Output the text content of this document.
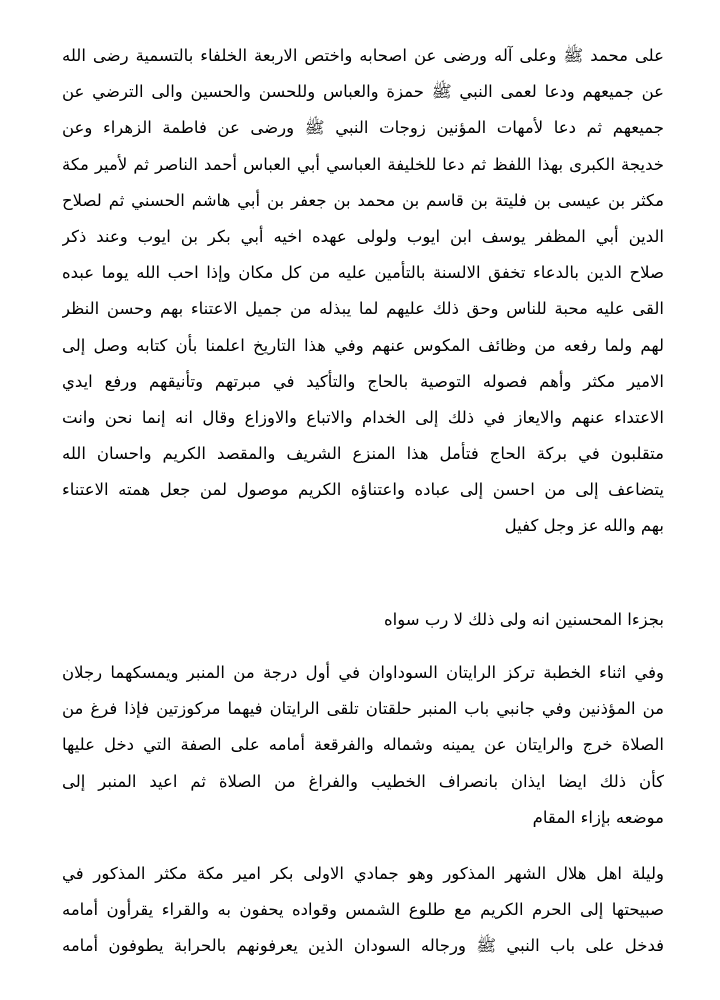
على محمد ﷺ وعلى آله ورضى عن اصحابه واختص الاربعة الخلفاء بالتسمية رضى الله
عن جميعهم ودعا لعمى النبي ﷺ حمزة والعباس وللحسن والحسين والى الترضي عن
جميعهم ثم دعا لأمهات المؤنين زوجات النبي ﷺ ورضى عن فاطمة الزهراء وعن
خديجة الكبرى بهذا اللفظ ثم دعا للخليفة العباسي أبي العباس أحمد الناصر ثم لأمير مكة
مكثر بن عيسى بن فليتة بن قاسم بن محمد بن جعفر بن أبي هاشم الحسني ثم لصلاح
الدين أبي المظفر يوسف ابن ايوب ولولى عهده اخيه أبي بكر بن ايوب وعند ذكر
صلاح الدين بالدعاء تخفق الالسنة بالتأمين عليه من كل مكان وإذا احب الله يوما عبده
القى عليه محبة للناس وحق ذلك عليهم لما يبذله من جميل الاعتناء بهم وحسن النظر
لهم ولما رفعه من وظائف المكوس عنهم وفي هذا التاريخ اعلمنا بأن كتابه وصل إلى
الامير مكثر وأهم فصوله التوصية بالحاج والتأكيد في مبرتهم وتأنيقهم ورفع ايدي
الاعتداء عنهم والايعاز في ذلك إلى الخدام والاتباع والاوزاع وقال انه إنما نحن وانت
متقلبون في بركة الحاج فتأمل هذا المنزع الشريف والمقصد الكريم واحسان الله
يتضاعف إلى من احسن إلى عباده واعتناؤه الكريم موصول لمن جعل همته الاعتناء
بهم والله عز وجل كفيل
بجزءا المحسنين انه ولى ذلك لا رب سواه
وفي اثناء الخطبة تركز الرايتان السوداوان في أول درجة من المنبر ويمسكهما رجلان
من المؤذنين وفي جانبي باب المنبر حلقتان تلقى الرايتان فيهما مركوزتين فإذا فرغ من
الصلاة خرج والرايتان عن يمينه وشماله والفرقعة أمامه على الصفة التي دخل عليها
كأن ذلك ايضا ايذان بانصراف الخطيب والفراغ من الصلاة ثم اعيد المنبر إلى
موضعه بإزاء المقام
وليلة اهل هلال الشهر المذكور وهو جمادي الاولى بكر امير مكة مكثر المذكور في
صبيحتها إلى الحرم الكريم مع طلوع الشمس وقواده يحفون به والقراء يقرأون أمامه
فدخل على باب النبي ﷺ ورجاله السودان الذين يعرفونهم بالحرابة يطوفون أمامه
